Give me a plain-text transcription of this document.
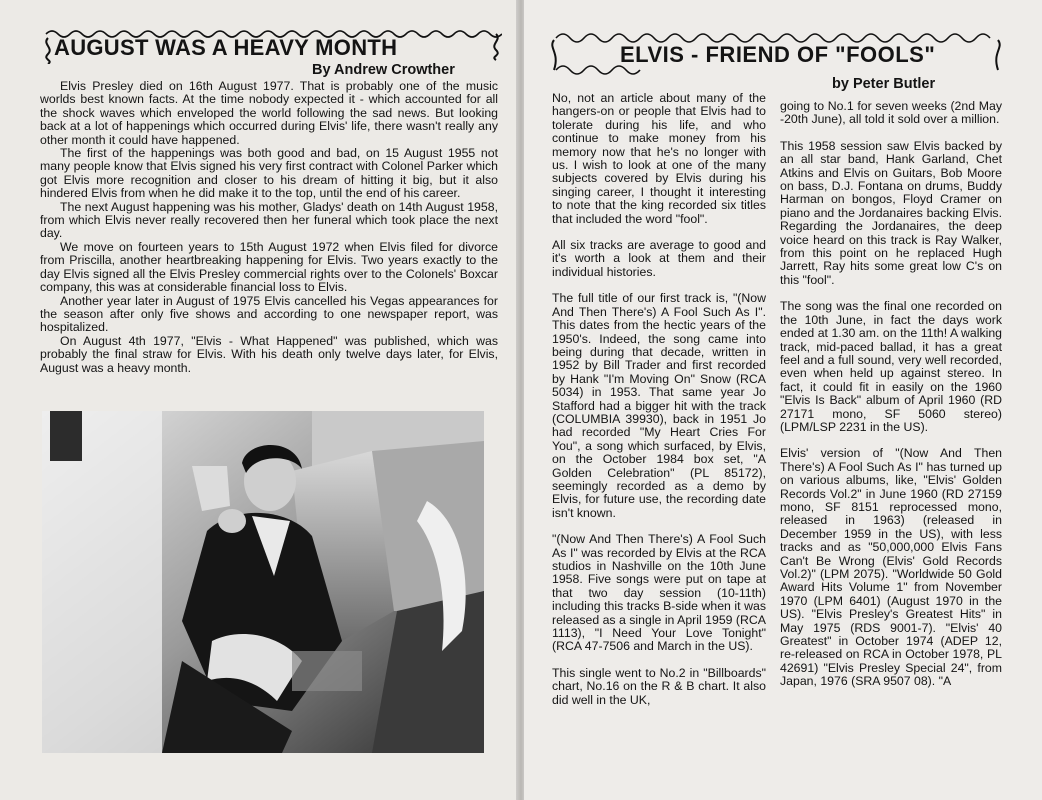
AUGUST WAS A HEAVY MONTH
By Andrew Crowther

Elvis Presley died on 16th August 1977. That is probably one of the music worlds best known facts. At the time nobody expected it - which accounted for all the shock waves which enveloped the world following the sad news. But looking back at a lot of happenings which occurred during Elvis' life, there wasn't really any other month it could have happened.

The first of the happenings was both good and bad, on 15 August 1955 not many people know that Elvis signed his very first contract with Colonel Parker which got Elvis more recognition and closer to his dream of hitting it big, but it also hindered Elvis from when he did make it to the top, until the end of his career.

The next August happening was his mother, Gladys' death on 14th August 1958, from which Elvis never really recovered then her funeral which took place the next day.

We move on fourteen years to 15th August 1972 when Elvis filed for divorce from Priscilla, another heartbreaking happening for Elvis. Two years exactly to the day Elvis signed all the Elvis Presley commercial rights over to the Colonels' Boxcar company, this was at considerable financial loss to Elvis.

Another year later in August of 1975 Elvis cancelled his Vegas appearances for the season after only five shows and according to one newspaper report, was hospitalized.

On August 4th 1977, "Elvis - What Happened" was published, which was probably the final straw for Elvis. With his death only twelve days later, for Elvis, August was a heavy month.

ELVIS - FRIEND OF "FOOLS"
by Peter Butler

No, not an article about many of the hangers-on or people that Elvis had to tolerate during his life, and who continue to make money from his memory now that he's no longer with us. I wish to look at one of the many subjects covered by Elvis during his singing career, I thought it interesting to note that the king recorded six titles that included the word "fool".

All six tracks are average to good and it's worth a look at them and their individual histories.

The full title of our first track is, "(Now And Then There's) A Fool Such As I". This dates from the hectic years of the 1950's. Indeed, the song came into being during that decade, written in 1952 by Bill Trader and first recorded by Hank "I'm Moving On" Snow (RCA 5034) in 1953. That same year Jo Stafford had a bigger hit with the track (COLUMBIA 39930), back in 1951 Jo had recorded "My Heart Cries For You", a song which surfaced, by Elvis, on the October 1984 box set, "A Golden Celebration" (PL 85172), seemingly recorded as a demo by Elvis, for future use, the recording date isn't known.

"(Now And Then There's) A Fool Such As I" was recorded by Elvis at the RCA studios in Nashville on the 10th June 1958. Five songs were put on tape at that two day session (10-11th) including this tracks B-side when it was released as a single in April 1959 (RCA 1113), "I Need Your Love Tonight" (RCA 47-7506 and March in the US).

This single went to No.2 in "Billboards" chart, No.16 on the R & B chart. It also did well in the UK,

going to No.1 for seven weeks (2nd May -20th June), all told it sold over a million.

This 1958 session saw Elvis backed by an all star band, Hank Garland, Chet Atkins and Elvis on Guitars, Bob Moore on bass, D.J. Fontana on drums, Buddy Harman on bongos, Floyd Cramer on piano and the Jordanaires backing Elvis. Regarding the Jordanaires, the deep voice heard on this track is Ray Walker, from this point on he replaced Hugh Jarrett, Ray hits some great low C's on this "fool".

The song was the final one recorded on the 10th June, in fact the days work ended at 1.30 am. on the 11th! A walking track, mid-paced ballad, it has a great feel and a full sound, very well recorded, even when held up against stereo. In fact, it could fit in easily on the 1960 "Elvis Is Back" album of April 1960 (RD 27171 mono, SF 5060 stereo) (LPM/LSP 2231 in the US).

Elvis' version of "(Now And Then There's) A Fool Such As I" has turned up on various albums, like, "Elvis' Golden Records Vol.2" in June 1960 (RD 27159 mono, SF 8151 reprocessed mono, released in 1963) (released in December 1959 in the US), with less tracks and as "50,000,000 Elvis Fans Can't Be Wrong (Elvis' Gold Records Vol.2)" (LPM 2075). "Worldwide 50 Gold Award Hits Volume 1" from November 1970 (LPM 6401) (August 1970 in the US). "Elvis Presley's Greatest Hits" in May 1975 (RDS 9001-7). "Elvis' 40 Greatest" in October 1974 (ADEP 12, re-released on RCA in October 1978, PL 42691) "Elvis Presley Special 24", from Japan, 1976 (SRA 9507 08). "A
